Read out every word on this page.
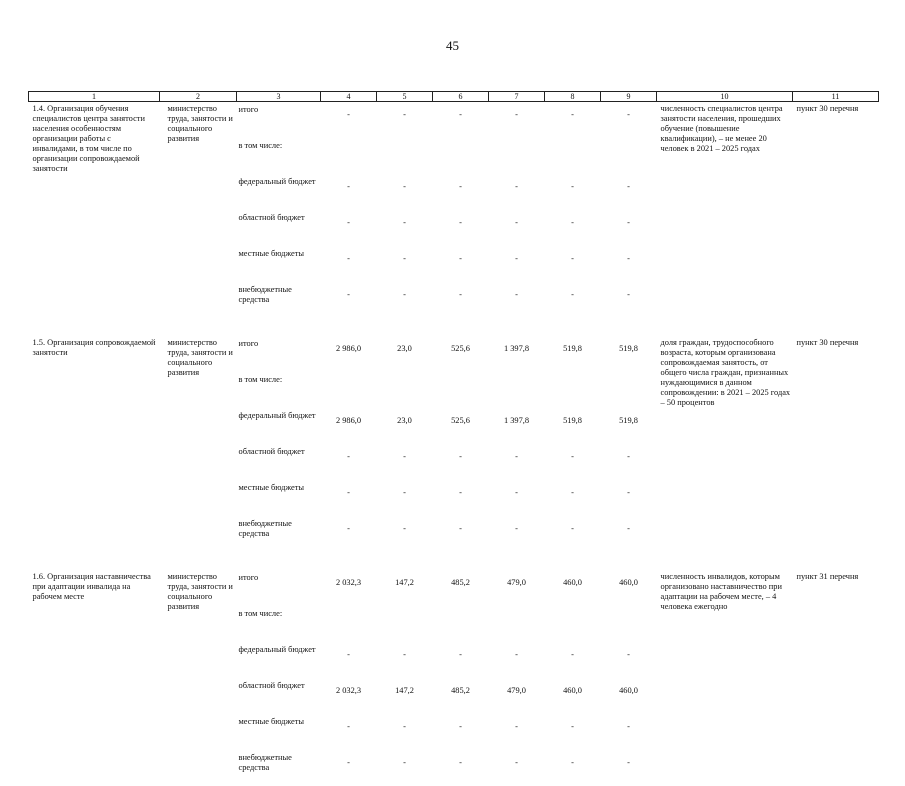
45
1	2	3	4	5	6	7	8	9	10	11
1.4. Организация обучения специалистов центра занятости населения особенностям организации работы с инвалидами, в том числе по организации сопровождаемой занятости	министерство труда, занятости и социального развития	итого	-	-	-	-	-	-	численность специалистов центра занятости населения, прошедших обучение (повышение квалификации), – не менее 20 человек в 2021 – 2025 годах	пункт 30 перечня
		в том числе:								
		федеральный бюджет	-	-	-	-	-	-		
		областной бюджет	-	-	-	-	-	-		
		местные бюджеты	-	-	-	-	-	-		
		внебюджетные средства	-	-	-	-	-	-		

1.5. Организация сопровождаемой занятости	министерство труда, занятости и социального развития	итого	2 986,0	23,0	525,6	1 397,8	519,8	519,8	доля граждан, трудоспособного возраста, которым организована сопровождаемая занятость, от общего числа граждан, признанных нуждающимися в данном сопровождении: в 2021 – 2025 годах – 50 процентов	пункт 30 перечня
		в том числе:								
		федеральный бюджет	2 986,0	23,0	525,6	1 397,8	519,8	519,8		
		областной бюджет	-	-	-	-	-	-		
		местные бюджеты	-	-	-	-	-	-		
		внебюджетные средства	-	-	-	-	-	-		

1.6. Организация наставничества при адаптации инвалида на рабочем месте	министерство труда, занятости и социального развития	итого	2 032,3	147,2	485,2	479,0	460,0	460,0	численность инвалидов, которым организовано наставничество при адаптации на рабочем месте, – 4 человека ежегодно	пункт 31 перечня
		в том числе:								
		федеральный бюджет	-	-	-	-	-	-		
		областной бюджет	2 032,3	147,2	485,2	479,0	460,0	460,0		
		местные бюджеты	-	-	-	-	-	-		
		внебюджетные средства	-	-	-	-	-	-		
